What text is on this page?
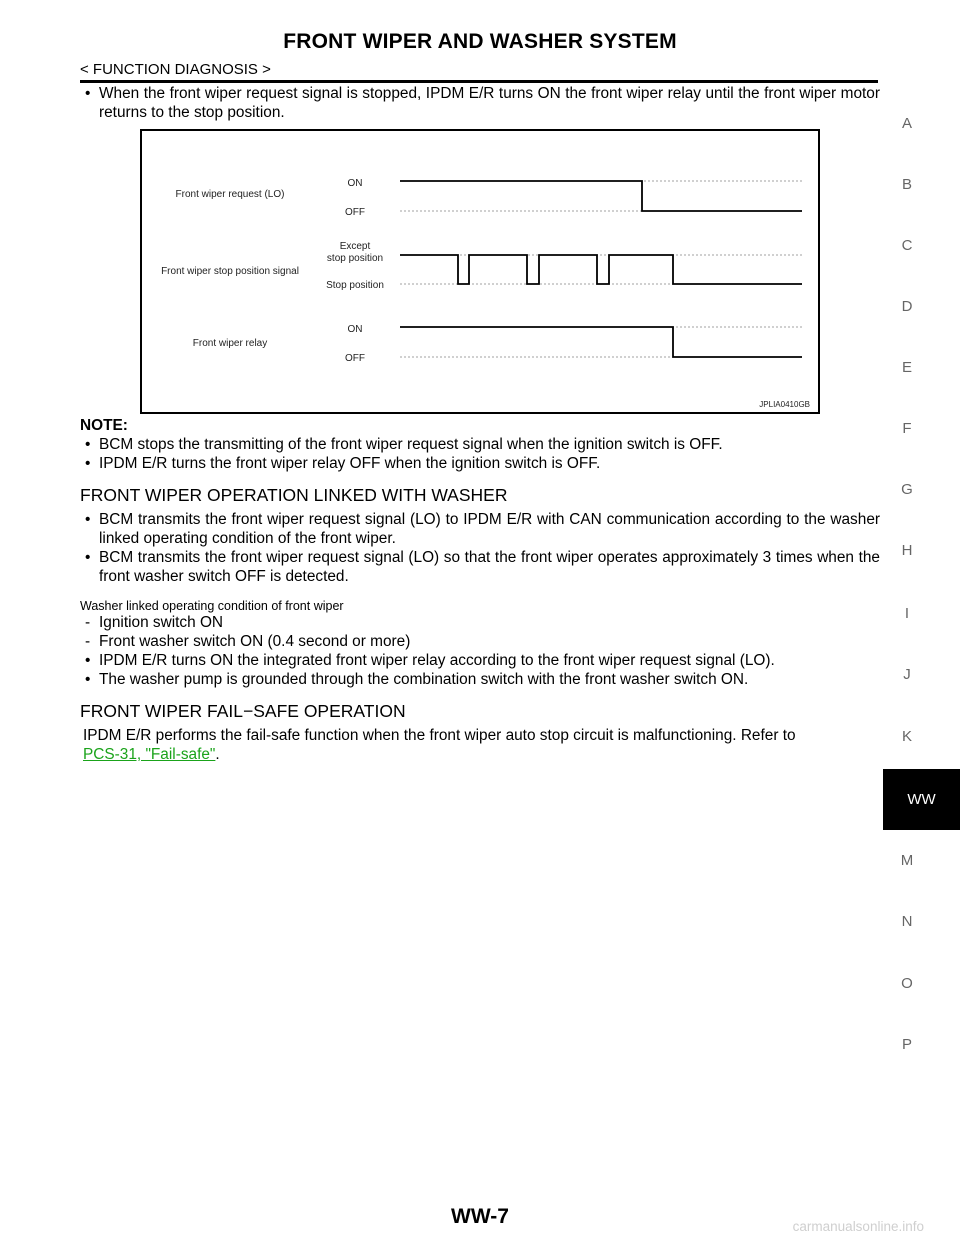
FRONT WIPER AND WASHER SYSTEM
< FUNCTION DIAGNOSIS >
• When the front wiper request signal is stopped, IPDM E/R turns ON the front wiper relay until the front wiper motor returns to the stop position.
Front wiper request (LO)
Front wiper stop position signal
Front wiper relay
ON
OFF
Except
stop position
Stop position
ON
OFF
JPLIA0410GB
NOTE:
• BCM stops the transmitting of the front wiper request signal when the ignition switch is OFF.
• IPDM E/R turns the front wiper relay OFF when the ignition switch is OFF.
FRONT WIPER OPERATION LINKED WITH WASHER
• BCM transmits the front wiper request signal (LO) to IPDM E/R with CAN communication according to the washer linked operating condition of the front wiper.
• BCM transmits the front wiper request signal (LO) so that the front wiper operates approximately 3 times when the front washer switch OFF is detected.
Washer linked operating condition of front wiper
- Ignition switch ON
- Front washer switch ON (0.4 second or more)
• IPDM E/R turns ON the integrated front wiper relay according to the front wiper request signal (LO).
• The washer pump is grounded through the combination switch with the front washer switch ON.
FRONT WIPER FAIL−SAFE OPERATION
IPDM E/R performs the fail-safe function when the front wiper auto stop circuit is malfunctioning. Refer to
PCS-31, "Fail-safe".
A
B
C
D
E
F
G
H
I
J
K
M
N
O
P
WW
WW-7	carmanualsonline.info
